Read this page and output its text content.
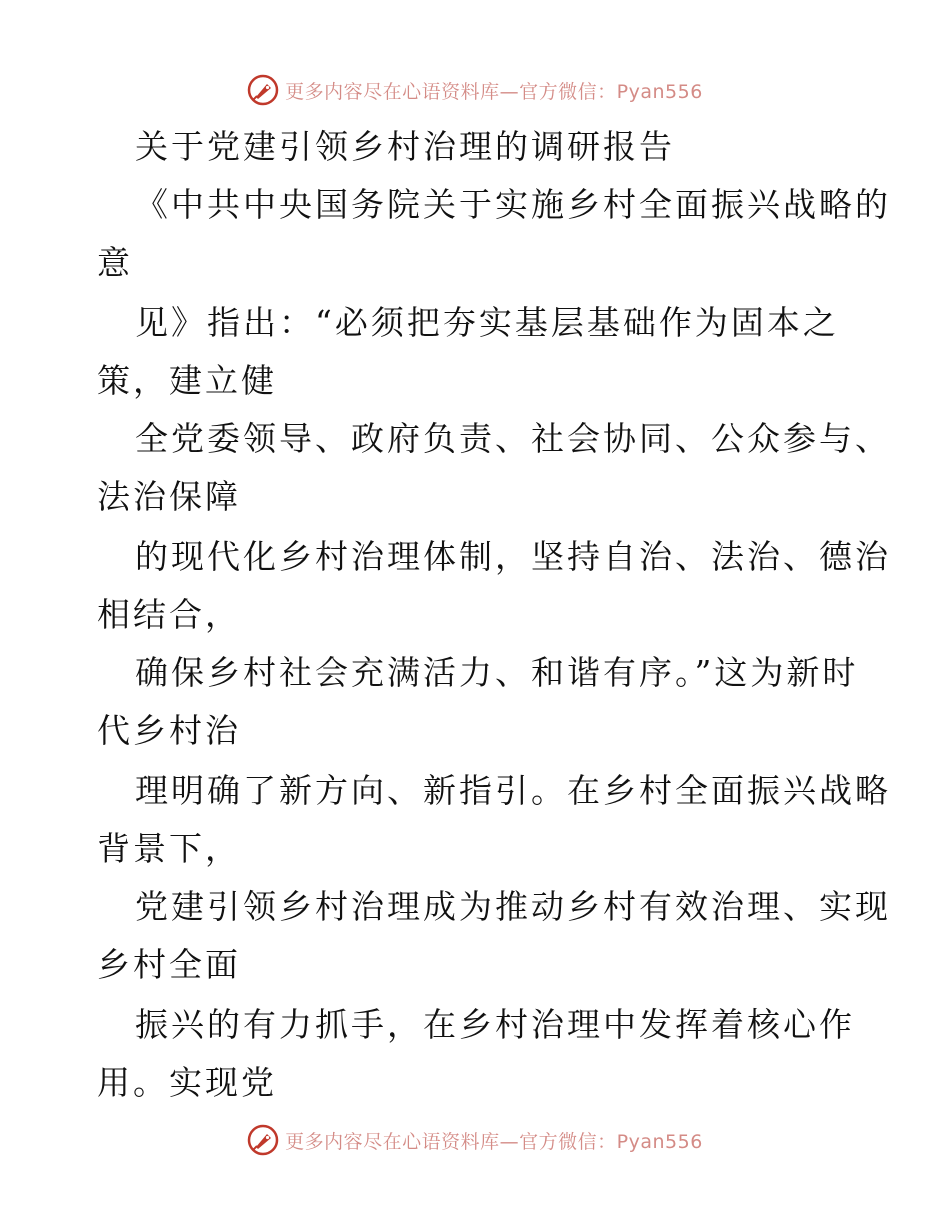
更多内容尽在心语资料库—官方微信：Pyan556
关于党建引领乡村治理的调研报告
《中共中央国务院关于实施乡村全面振兴战略的
意
见》指出：“必须把夯实基层基础作为固本之
策，建立健
全党委领导、政府负责、社会协同、公众参与、
法治保障
的现代化乡村治理体制，坚持自治、法治、德治
相结合，
确保乡村社会充满活力、和谐有序。”这为新时
代乡村治
理明确了新方向、新指引。在乡村全面振兴战略
背景下，
党建引领乡村治理成为推动乡村有效治理、实现
乡村全面
振兴的有力抓手，在乡村治理中发挥着核心作
用。实现党
更多内容尽在心语资料库—官方微信：Pyan556
